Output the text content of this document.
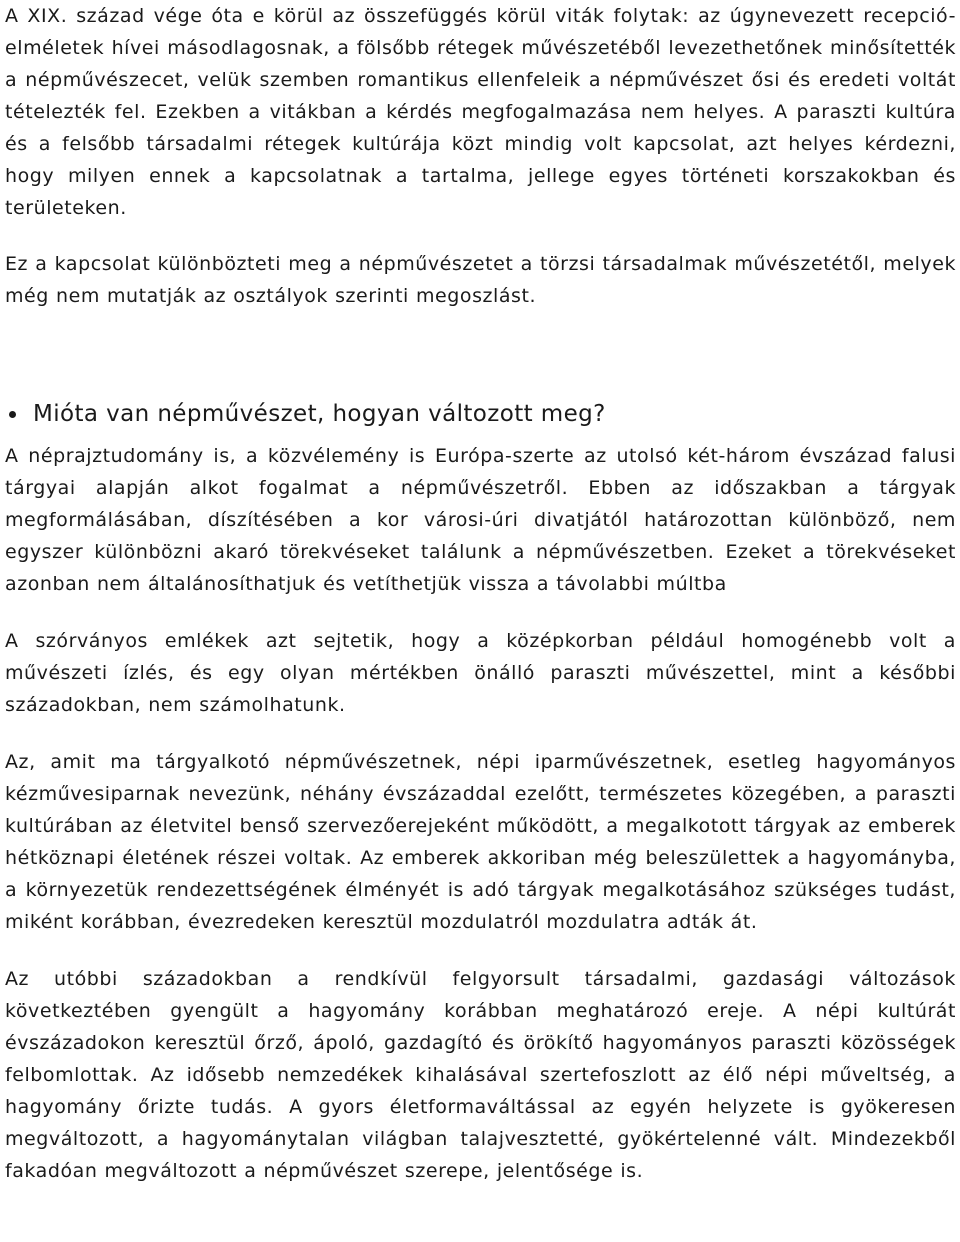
A XIX. század vége óta e körül az összefüggés körül viták folytak: az úgynevezett recepció-elméletek hívei másodlagosnak, a fölsőbb rétegek művészetéből levezethetőnek minősítették a népművészecet, velük szemben romantikus ellenfeleik a népművészet ősi és eredeti voltát tételezték fel. Ezekben a vitákban a kérdés megfogalmazása nem helyes. A paraszti kultúra és a felsőbb társadalmi rétegek kultúrája közt mindig volt kapcsolat, azt helyes kérdezni, hogy milyen ennek a kapcsolatnak a tartalma, jellege egyes történeti korszakokban és területeken.

Ez a kapcsolat különbözteti meg a népművészetet a törzsi társadalmak művészetétől, melyek még nem mutatják az osztályok szerinti megoszlást.

Mióta van népművészet, hogyan változott meg?

A néprajztudomány is, a közvélemény is Európa-szerte az utolsó két-három évszázad falusi tárgyai alapján alkot fogalmat a népművészetről. Ebben az időszakban a tárgyak megformálásában, díszítésében a kor városi-úri divatjától határozottan különböző, nem egyszer különbözni akaró törekvéseket találunk a népművészetben. Ezeket a törekvéseket azonban nem általánosíthatjuk és vetíthetjük vissza a távolabbi múltba

A szórványos emlékek azt sejtetik, hogy a középkorban például homogénebb volt a művészeti ízlés, és egy olyan mértékben önálló paraszti művészettel, mint a későbbi századokban, nem számolhatunk.

Az, amit ma tárgyalkotó népművészetnek, népi iparművészetnek, esetleg hagyományos kézművesiparnak nevezünk, néhány évszázaddal ezelőtt, természetes közegében, a paraszti kultúrában az életvitel benső szervezőerejeként működött, a megalkotott tárgyak az emberek hétköznapi életének részei voltak. Az emberek akkoriban még beleszülettek a hagyományba, a környezetük rendezettségének élményét is adó tárgyak megalkotásához szükséges tudást, miként korábban, évezredeken keresztül mozdulatról mozdulatra adták át.

Az utóbbi századokban a rendkívül felgyorsult társadalmi, gazdasági változások következtében gyengült a hagyomány korábban meghatározó ereje. A népi kultúrát évszázadokon keresztül őrző, ápoló, gazdagító és örökítő hagyományos paraszti közösségek felbomlottak. Az idősebb nemzedékek kihalásával szertefoszlott az élő népi műveltség, a hagyomány őrizte tudás. A gyors életformaváltással az egyén helyzete is gyökeresen megváltozott, a hagyománytalan világban talajvesztetté, gyökértelenné vált. Mindezekből fakadóan megváltozott a népművészet szerepe, jelentősége is.
